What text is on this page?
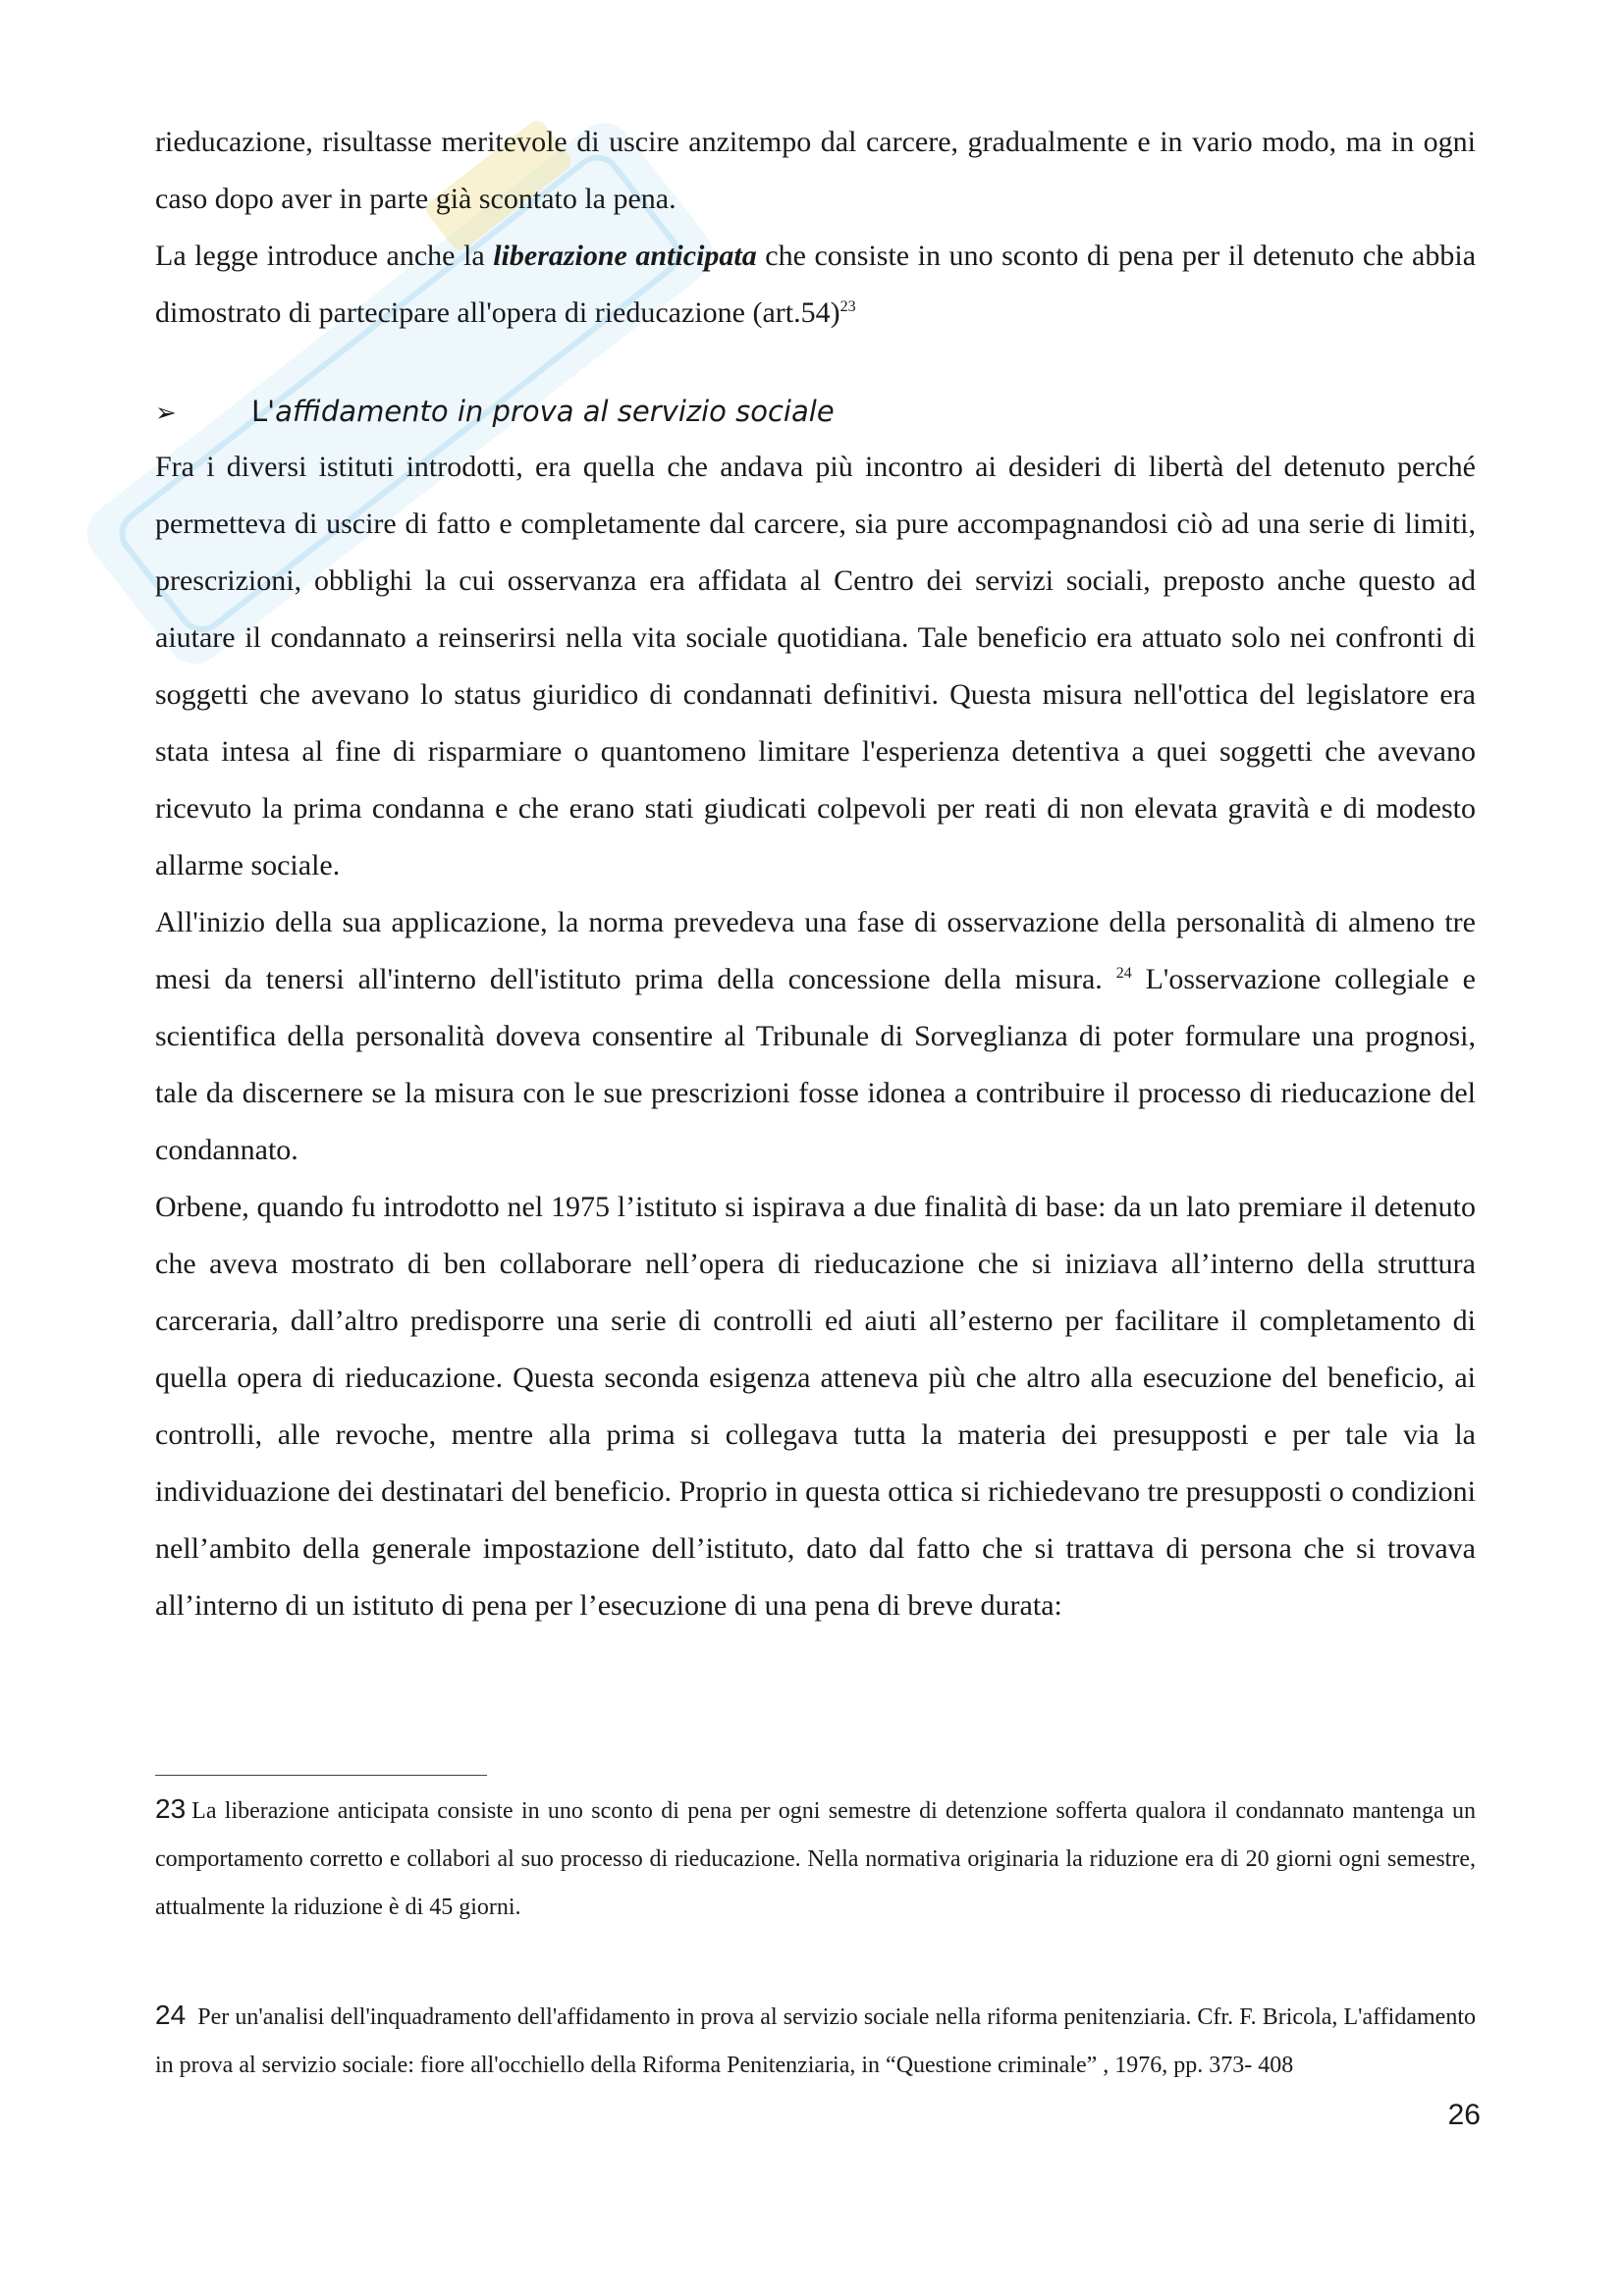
rieducazione, risultasse meritevole di uscire anzitempo dal carcere, gradualmente e in vario modo, ma in ogni caso dopo aver in parte già scontato la pena.

La legge introduce anche la liberazione anticipata che consiste in uno sconto di pena per il detenuto che abbia dimostrato di partecipare all'opera di rieducazione $(art.54)^{23}$

➢	L'affidamento in prova al servizio sociale

Fra i diversi istituti introdotti, era quella che andava più incontro ai desideri di libertà del detenuto perché permetteva di uscire di fatto e completamente dal carcere, sia pure accompagnandosi ciò ad una serie di limiti, prescrizioni, obblighi la cui osservanza era affidata al Centro dei servizi sociali, preposto anche questo ad aiutare il condannato a reinserirsi nella vita sociale quotidiana. Tale beneficio era attuato solo nei confronti di soggetti che avevano lo status giuridico di condannati definitivi. Questa misura nell'ottica del legislatore era stata intesa al fine di risparmiare o quantomeno limitare l'esperienza detentiva a quei soggetti che avevano ricevuto la prima condanna e che erano stati giudicati colpevoli per reati di non elevata gravità e di modesto allarme sociale.

All'inizio della sua applicazione, la norma prevedeva una fase di osservazione della personalità di almeno tre mesi da tenersi all'interno dell'istituto prima della concessione della misura. $^{24}$ L'osservazione collegiale e scientifica della personalità doveva consentire al Tribunale di Sorveglianza di poter formulare una prognosi, tale da discernere se la misura con le sue prescrizioni fosse idonea a contribuire il processo di rieducazione del condannato.

Orbene, quando fu introdotto nel 1975 l’istituto si ispirava a due finalità di base: da un lato premiare il detenuto che aveva mostrato di ben collaborare nell’opera di rieducazione che si iniziava all’interno della struttura carceraria, dall’altro predisporre una serie di controlli ed aiuti all’esterno per facilitare il completamento di quella opera di rieducazione. Questa seconda esigenza atteneva più che altro alla esecuzione del beneficio, ai controlli, alle revoche, mentre alla prima si collegava tutta la materia dei presupposti e per tale via la individuazione dei destinatari del beneficio. Proprio in questa ottica si richiedevano tre presupposti o condizioni nell’ambito della generale impostazione dell’istituto, dato dal fatto che si trattava di persona che si trovava all’interno di un istituto di pena per l’esecuzione di una pena di breve durata:

23 La liberazione anticipata consiste in uno sconto di pena per ogni semestre di detenzione sofferta qualora il condannato mantenga un comportamento corretto e collabori al suo processo di rieducazione. Nella normativa originaria la riduzione era di 20 giorni ogni semestre, attualmente la riduzione è di 45 giorni.

24 Per un'analisi dell'inquadramento dell'affidamento in prova al servizio sociale nella riforma penitenziaria. Cfr. F. Bricola, L'affidamento in prova al servizio sociale: fiore all'occhiello della Riforma Penitenziaria, in “Questione criminale” , 1976, pp. 373- 408

26
